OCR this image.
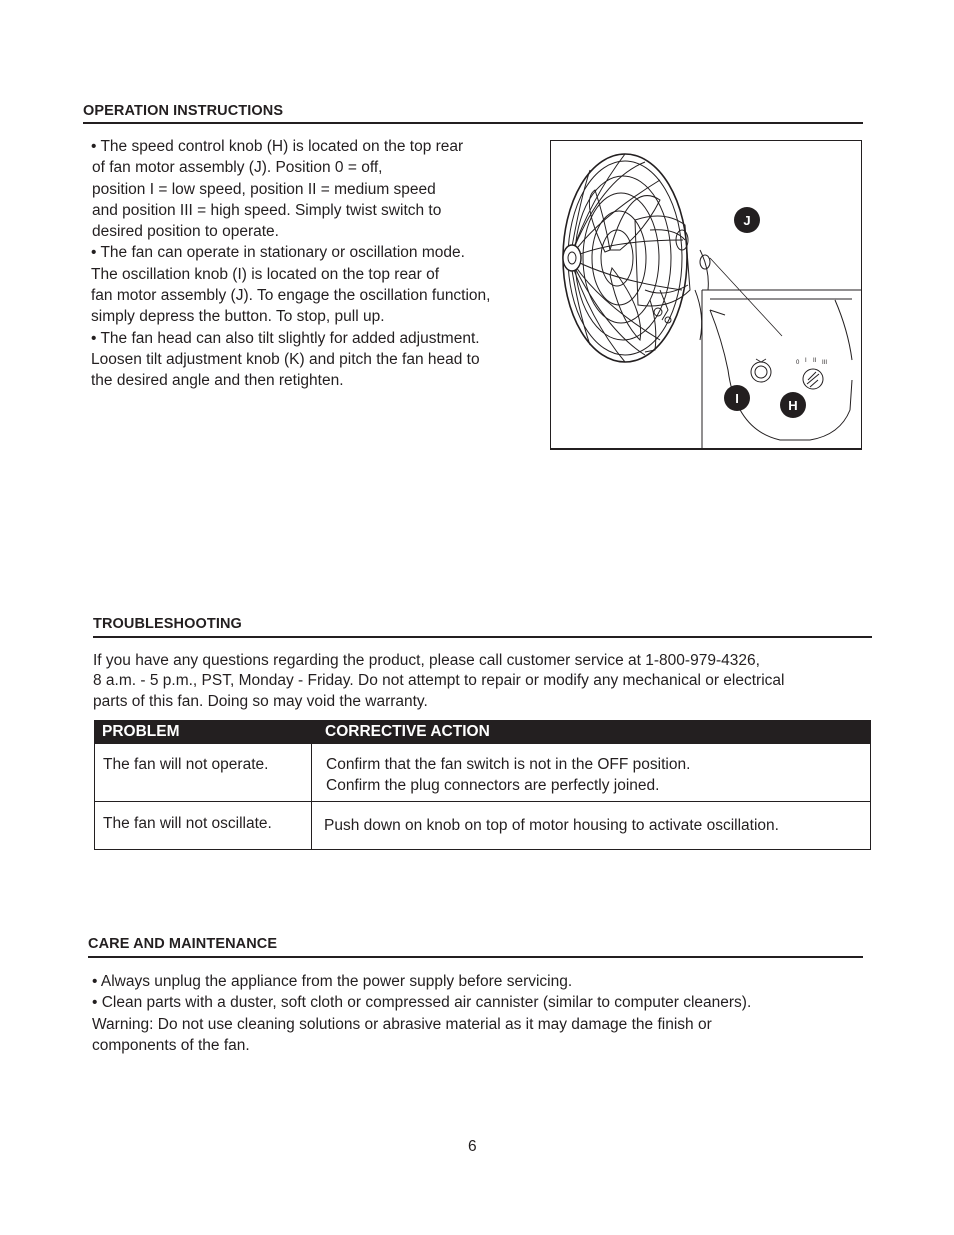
OPERATION INSTRUCTIONS
• The speed control knob (H) is located on the top rear
of fan motor assembly (J). Position 0 = off,
position I = low speed, position II = medium speed
and position III = high speed. Simply twist switch to
desired position to operate.
• The fan can operate in stationary or oscillation mode.
The oscillation knob (I) is located on the top rear of
fan motor assembly (J). To engage the oscillation function,
simply depress the button. To stop, pull up.
• The fan head can also tilt slightly for added adjustment.
Loosen tilt adjustment knob (K) and pitch the fan head to
the desired angle and then retighten.
0 I II III
J
I	H
TROUBLESHOOTING
If you have any questions regarding the product, please call customer service at 1-800-979-4326,
8 a.m. - 5 p.m., PST, Monday - Friday. Do not attempt to repair or modify any mechanical or electrical
parts of this fan. Doing so may void the warranty.
PROBLEM	CORRECTIVE ACTION
The fan will not operate.	Confirm that the fan switch is not in the OFF position.
Confirm the plug connectors are perfectly joined.
The fan will not oscillate.	Push down on knob on top of motor housing to activate oscillation.
CARE AND MAINTENANCE
• Always unplug the appliance from the power supply before servicing.
• Clean parts with a duster, soft cloth or compressed air cannister (similar to computer cleaners).
Warning: Do not use cleaning solutions or abrasive material as it may damage the finish or
components of the fan.
6
